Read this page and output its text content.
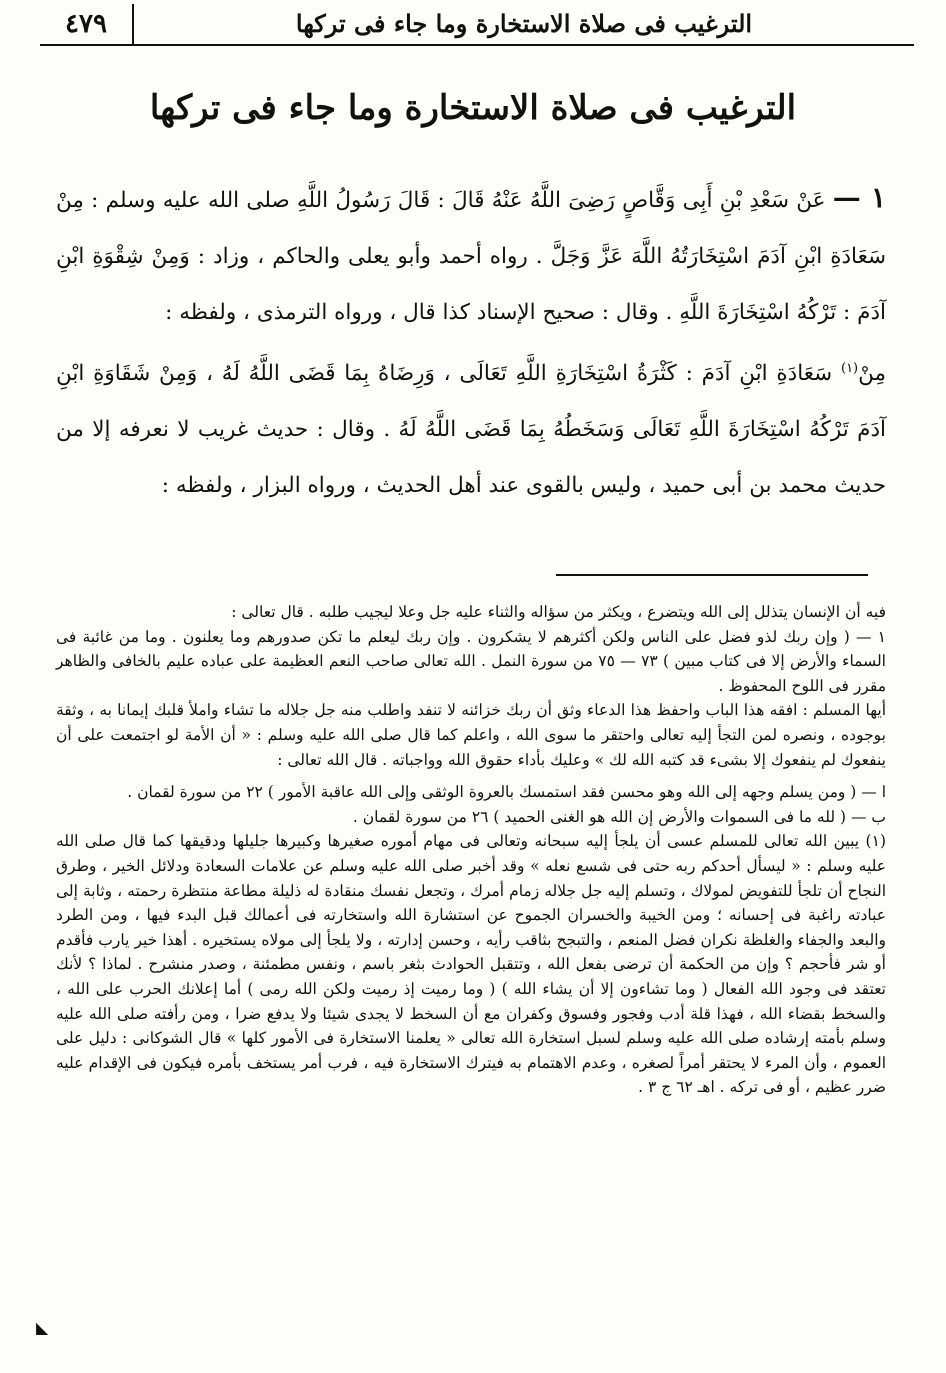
الترغيب فى صلاة الاستخارة وما جاء فى تركها
٤٧٩
الترغيب فى صلاة الاستخارة وما جاء فى تركها

١ — عَنْ سَعْدِ بْنِ أَبِى وَقَّاصٍ رَضِىَ اللَّهُ عَنْهُ قَالَ : قَالَ رَسُولُ اللَّهِ صلى الله عليه وسلم : مِنْ سَعَادَةِ ابْنِ آدَمَ اسْتِخَارَتُهُ اللَّهَ عَزَّ وَجَلَّ . رواه أحمد وأبو يعلى والحاكم ، وزاد : وَمِنْ شِقْوَةِ ابْنِ آدَمَ : تَرْكُهُ اسْتِخَارَةَ اللَّهِ . وقال : صحيح الإسناد كذا قال ، ورواه الترمذى ، ولفظه :

مِنْ$^{(١)}$ سَعَادَةِ ابْنِ آدَمَ : كَثْرَةُ اسْتِخَارَةِ اللَّهِ تَعَالَى ، وَرِضَاهُ بِمَا قَضَى اللَّهُ لَهُ ، وَمِنْ شَقَاوَةِ ابْنِ آدَمَ تَرْكُهُ اسْتِخَارَةَ اللَّهِ تَعَالَى وَسَخَطُهُ بِمَا قَضَى اللَّهُ لَهُ . وقال : حديث غريب لا نعرفه إلا من حديث محمد بن أبى حميد ، وليس بالقوى عند أهل الحديث ، ورواه البزار ، ولفظه :

فيه أن الإنسان يتذلل إلى الله ويتضرع ، ويكثر من سؤاله والثناء عليه جل وعلا ليجيب طلبه . قال تعالى :

١ — ( وإن ربك لذو فضل على الناس ولكن أكثرهم لا يشكرون . وإن ربك ليعلم ما تكن صدورهم وما يعلنون . وما من غائبة فى السماء والأرض إلا فى كتاب مبين ) ٧٣ — ٧٥ من سورة النمل . الله تعالى صاحب النعم العظيمة على عباده عليم بالخافى والظاهر مقرر فى اللوح المحفوظ .

أيها المسلم : افقه هذا الباب واحفظ هذا الدعاء وثق أن ربك خزائنه لا تنفد واطلب منه جل جلاله ما تشاء واملأ قلبك إيمانا به ، وثقة بوجوده ، ونصره لمن التجأ إليه تعالى واحتقر ما سوى الله ، واعلم كما قال صلى الله عليه وسلم : « أن الأمة لو اجتمعت على أن ينفعوك لم ينفعوك إلا بشىء قد كتبه الله لك » وعليك بأداء حقوق الله وواجباته . قال الله تعالى :

ا — ( ومن يسلم وجهه إلى الله وهو محسن فقد استمسك بالعروة الوثقى وإلى الله عاقبة الأمور ) ٢٢ من سورة لقمان .

ب — ( لله ما فى السموات والأرض إن الله هو الغنى الحميد ) ٢٦ من سورة لقمان .

(١) يبين الله تعالى للمسلم عسى أن يلجأ إليه سبحانه وتعالى فى مهام أموره صغيرها وكبيرها جليلها ودقيقها كما قال صلى الله عليه وسلم : « ليسأل أحدكم ربه حتى فى شسع نعله » وقد أخبر صلى الله عليه وسلم عن علامات السعادة ودلائل الخير ، وطرق النجاح أن تلجأ للتفويض لمولاك ، وتسلم إليه جل جلاله زمام أمرك ، وتجعل نفسك منقادة له ذليلة مطاعة منتظرة رحمته ، وثابة إلى عبادته راغبة فى إحسانه ؛ ومن الخيبة والخسران الجموح عن استشارة الله واستخارته فى أعمالك قبل البدء فيها ، ومن الطرد والبعد والجفاء والغلظة نكران فضل المنعم ، والتبجح بثاقب رأيه ، وحسن إدارته ، ولا يلجأ إلى مولاه يستخيره . أهذا خير يارب فأقدم أو شر فأحجم ؟ وإن من الحكمة أن ترضى بفعل الله ، وتتقبل الحوادث بثغر باسم ، ونفس مطمئنة ، وصدر منشرح . لماذا ؟ لأنك تعتقد فى وجود الله الفعال ( وما تشاءون إلا أن يشاء الله ) ( وما رميت إذ رميت ولكن الله رمى ) أما إعلانك الحرب على الله ، والسخط بقضاء الله ، فهذا قلة أدب وفجور وفسوق وكفران مع أن السخط لا يجدى شيئا ولا يدفع ضرا ، ومن رأفته صلى الله عليه وسلم بأمته إرشاده صلى الله عليه وسلم لسبل استخارة الله تعالى « يعلمنا الاستخارة فى الأمور كلها » قال الشوكانى : دليل على العموم ، وأن المرء لا يحتقر أمراً لصغره ، وعدم الاهتمام به فيترك الاستخارة فيه ، فرب أمر يستخف بأمره فيكون فى الإقدام عليه ضرر عظيم ، أو فى تركه . اهـ ٦٢ ج ٣ .

◣
